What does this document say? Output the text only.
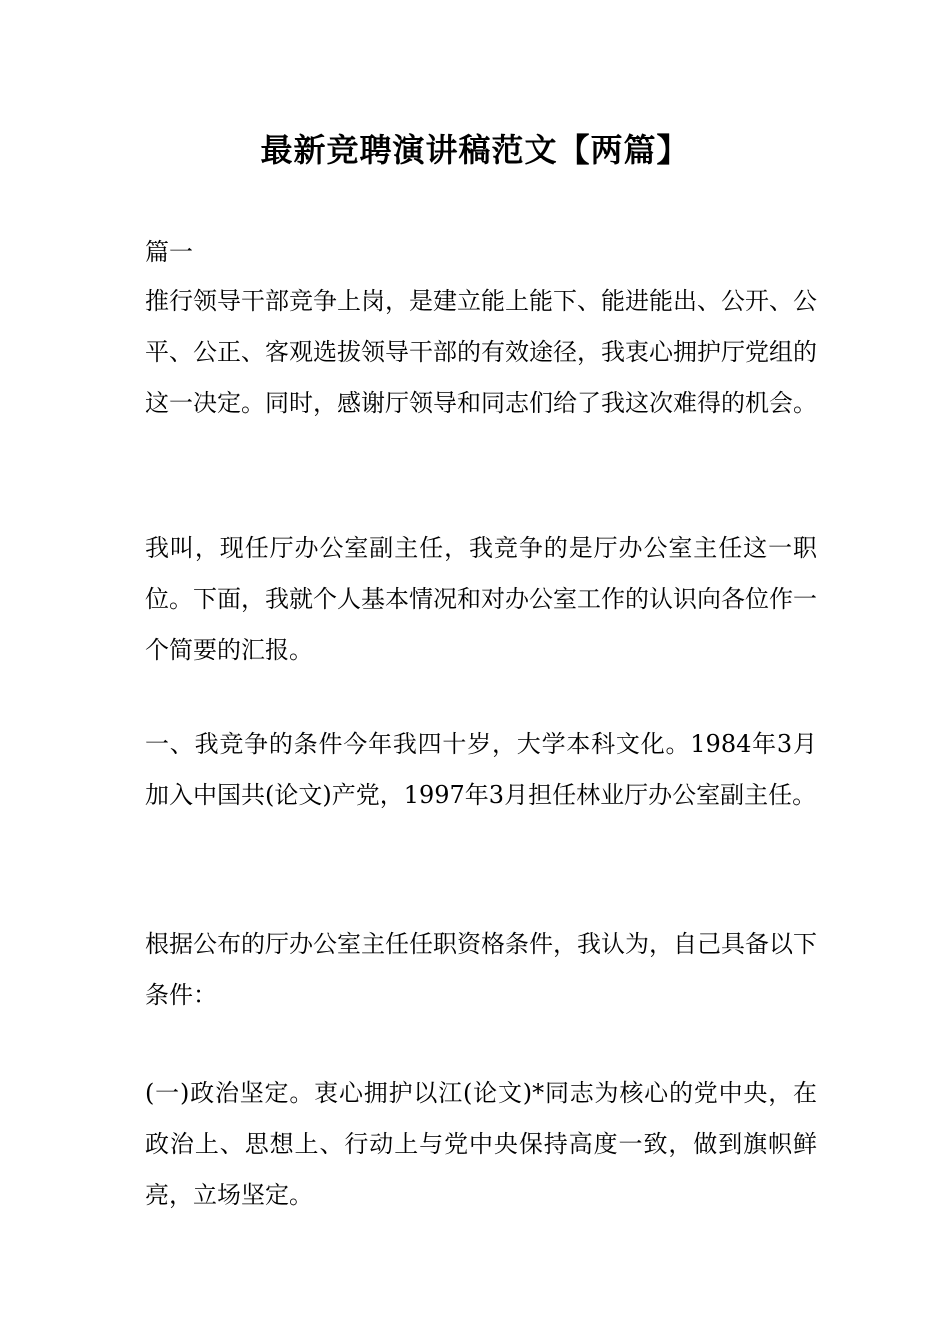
最新竞聘演讲稿范文【两篇】

篇一

推行领导干部竞争上岗，是建立能上能下、能进能出、公开、公平、公正、客观选拔领导干部的有效途径，我衷心拥护厅党组的这一决定。同时，感谢厅领导和同志们给了我这次难得的机会。

我叫，现任厅办公室副主任，我竞争的是厅办公室主任这一职位。下面，我就个人基本情况和对办公室工作的认识向各位作一个简要的汇报。

一、我竞争的条件今年我四十岁，大学本科文化。1984年3月加入中国共(论文)产党，1997年3月担任林业厅办公室副主任。

根据公布的厅办公室主任任职资格条件，我认为，自己具备以下条件：

(一)政治坚定。衷心拥护以江(论文)*同志为核心的党中央，在政治上、思想上、行动上与党中央保持高度一致，做到旗帜鲜亮，立场坚定。
